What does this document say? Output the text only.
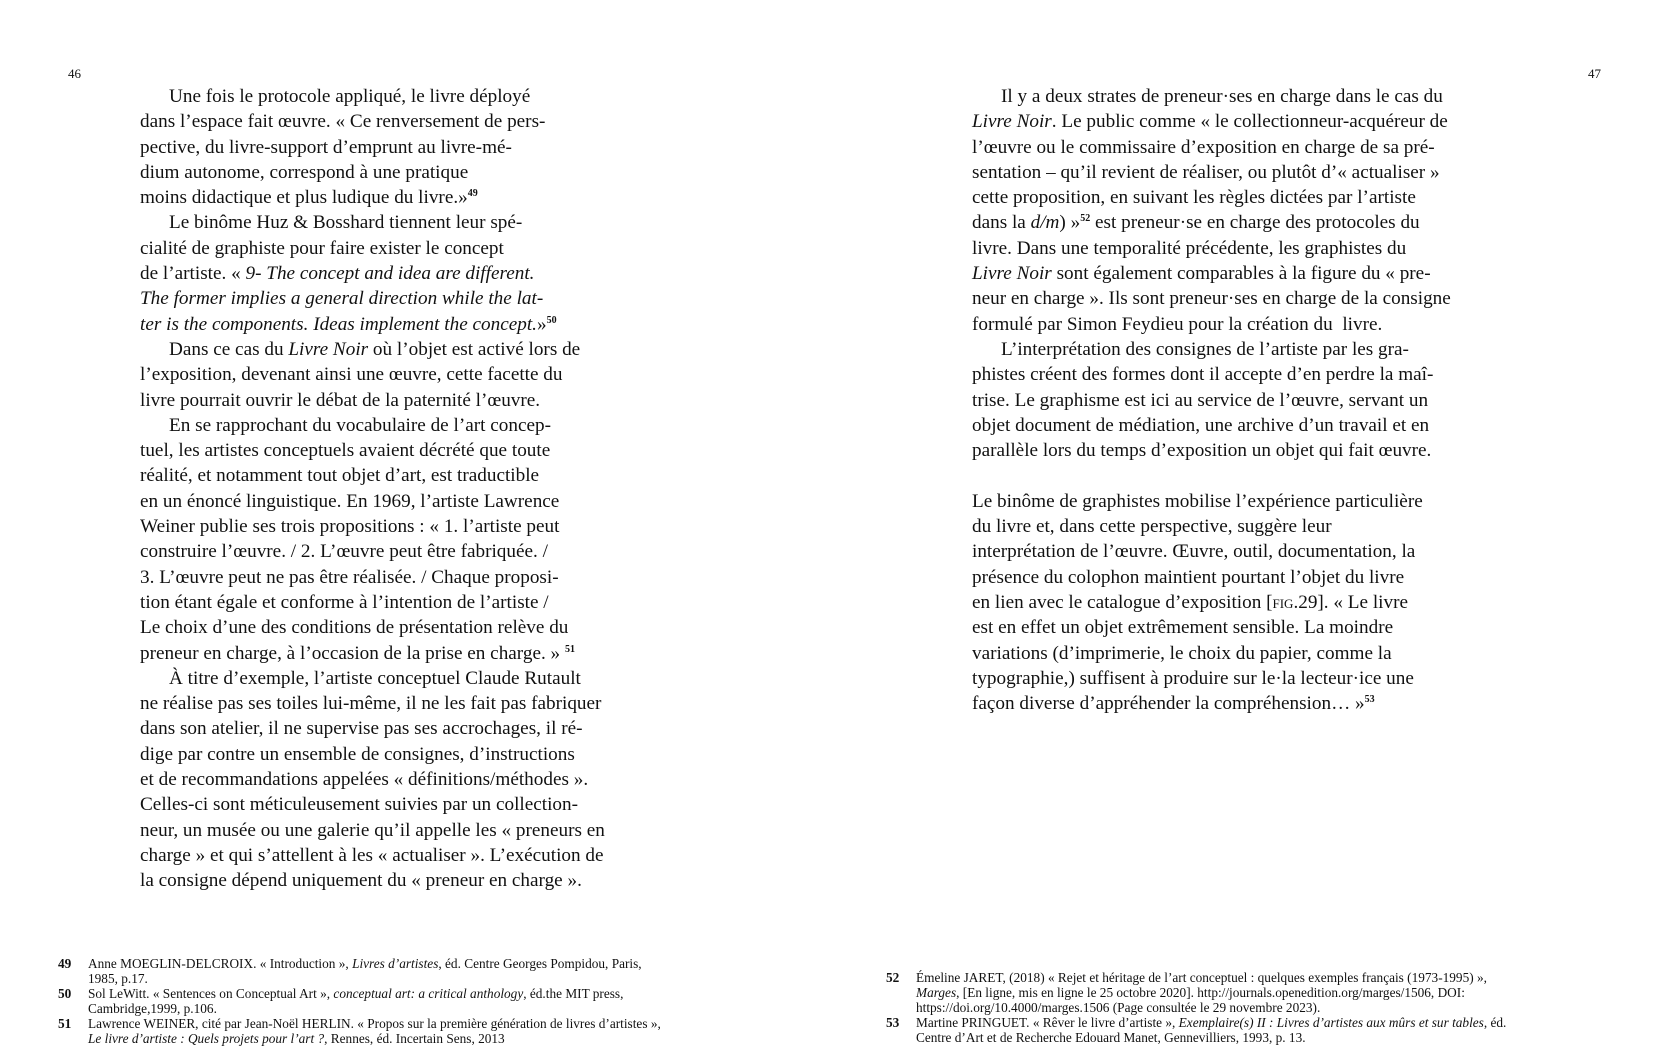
46
Une fois le protocole appliqué, le livre déployé
dans l’espace fait œuvre. « Ce renversement de pers-
pective, du livre-support d’emprunt au livre-mé-
dium autonome, correspond à une pratique
moins didactique et plus ludique du livre.»$^{49}$
Le binôme Huz & Bosshard tiennent leur spé-
cialité de graphiste pour faire exister le concept
de l’artiste. « 9- The concept and idea are different.
The former implies a general direction while the lat-
ter is the components. Ideas implement the concept.»$^{50}$
Dans ce cas du Livre Noir où l’objet est activé lors de
l’exposition, devenant ainsi une œuvre, cette facette du
livre pourrait ouvrir le débat de la paternité l’œuvre.
En se rapprochant du vocabulaire de l’art concep-
tuel, les artistes conceptuels avaient décrété que toute
réalité, et notamment tout objet d’art, est traductible
en un énoncé linguistique. En 1969, l’artiste Lawrence
Weiner publie ses trois propositions : « 1. l’artiste peut
construire l’œuvre. / 2. L’œuvre peut être fabriquée. /
3. L’œuvre peut ne pas être réalisée. / Chaque proposi-
tion étant égale et conforme à l’intention de l’artiste /
Le choix d’une des conditions de présentation relève du
preneur en charge, à l’occasion de la prise en charge. » $^{51}$
À titre d’exemple, l’artiste conceptuel Claude Rutault
ne réalise pas ses toiles lui-même, il ne les fait pas fabriquer
dans son atelier, il ne supervise pas ses accrochages, il ré-
dige par contre un ensemble de consignes, d’instructions
et de recommandations appelées « définitions/méthodes ».
Celles-ci sont méticuleusement suivies par un collection-
neur, un musée ou une galerie qu’il appelle les « preneurs en
charge » et qui s’attellent à les « actualiser ». L’exécution de
la consigne dépend uniquement du « preneur en charge ».
49	Anne MOEGLIN-DELCROIX. « Introduction », Livres d’artistes, éd. Centre Georges Pompidou, Paris,
1985, p.17.
50	Sol LeWitt. « Sentences on Conceptual Art », conceptual art: a critical anthology, éd.the MIT press,
Cambridge,1999, p.106.
51	Lawrence WEINER, cité par Jean-Noël HERLIN. « Propos sur la première génération de livres d’artistes »,
Le livre d’artiste : Quels projets pour l’art ?, Rennes, éd. Incertain Sens, 2013
47
Il y a deux strates de preneur·ses en charge dans le cas du
Livre Noir. Le public comme « le collectionneur-acquéreur de
l’œuvre ou le commissaire d’exposition en charge de sa pré-
sentation – qu’il revient de réaliser, ou plutôt d’« actualiser »
cette proposition, en suivant les règles dictées par l’artiste
dans la d/m) »$^{52}$ est preneur·se en charge des protocoles du
livre. Dans une temporalité précédente, les graphistes du
Livre Noir sont également comparables à la figure du « pre-
neur en charge ». Ils sont preneur·ses en charge de la consigne
formulé par Simon Feydieu pour la création du  livre.
L’interprétation des consignes de l’artiste par les gra-
phistes créent des formes dont il accepte d’en perdre la maî-
trise. Le graphisme est ici au service de l’œuvre, servant un
objet document de médiation, une archive d’un travail et en
parallèle lors du temps d’exposition un objet qui fait œuvre.
Le binôme de graphistes mobilise l’expérience particulière
du livre et, dans cette perspective, suggère leur
interprétation de l’œuvre. Œuvre, outil, documentation, la
présence du colophon maintient pourtant l’objet du livre
en lien avec le catalogue d’exposition [fig.29]. « Le livre
est en effet un objet extrêmement sensible. La moindre
variations (d’imprimerie, le choix du papier, comme la
typographie,) suffisent à produire sur le·la lecteur·ice une
façon diverse d’appréhender la compréhension… »$^{53}$
52	Émeline JARET, (2018) « Rejet et héritage de l’art conceptuel : quelques exemples français (1973-1995) »,
Marges, [En ligne, mis en ligne le 25 octobre 2020]. http://journals.openedition.org/marges/1506, DOI:
https://doi.org/10.4000/marges.1506 (Page consultée le 29 novembre 2023).
53	Martine PRINGUET. « Rêver le livre d’artiste », Exemplaire(s) II : Livres d’artistes aux mûrs et sur tables, éd.
Centre d’Art et de Recherche Edouard Manet, Gennevilliers, 1993, p. 13.
